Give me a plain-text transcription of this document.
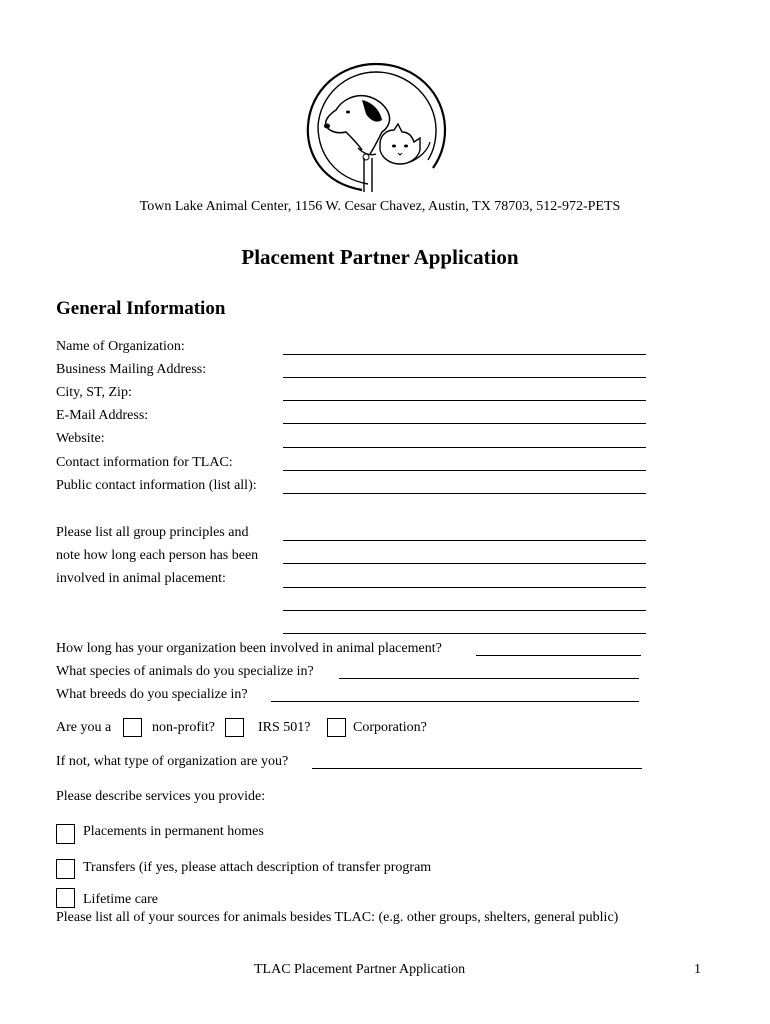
Town Lake Animal Center, 1156 W. Cesar Chavez, Austin, TX 78703, 512-972-PETS
Placement Partner Application
General Information
Name of Organization:
Business Mailing Address:
City, ST, Zip:
E-Mail Address:
Website:
Contact information for TLAC:
Public contact information (list all):
Please list all group principles and
note how long each person has been
involved in animal placement:
How long has your organization been involved in animal placement?
What species of animals do you specialize in?
What breeds do you specialize in?
Are you a	non-profit?	IRS 501?	Corporation?
If not, what type of organization are you?
Please describe services you provide:
Placements in permanent homes
Transfers (if yes, please attach description of transfer program
Lifetime care
Please list all of your sources for animals besides TLAC: (e.g. other groups, shelters, general public)
TLAC Placement Partner Application	1
